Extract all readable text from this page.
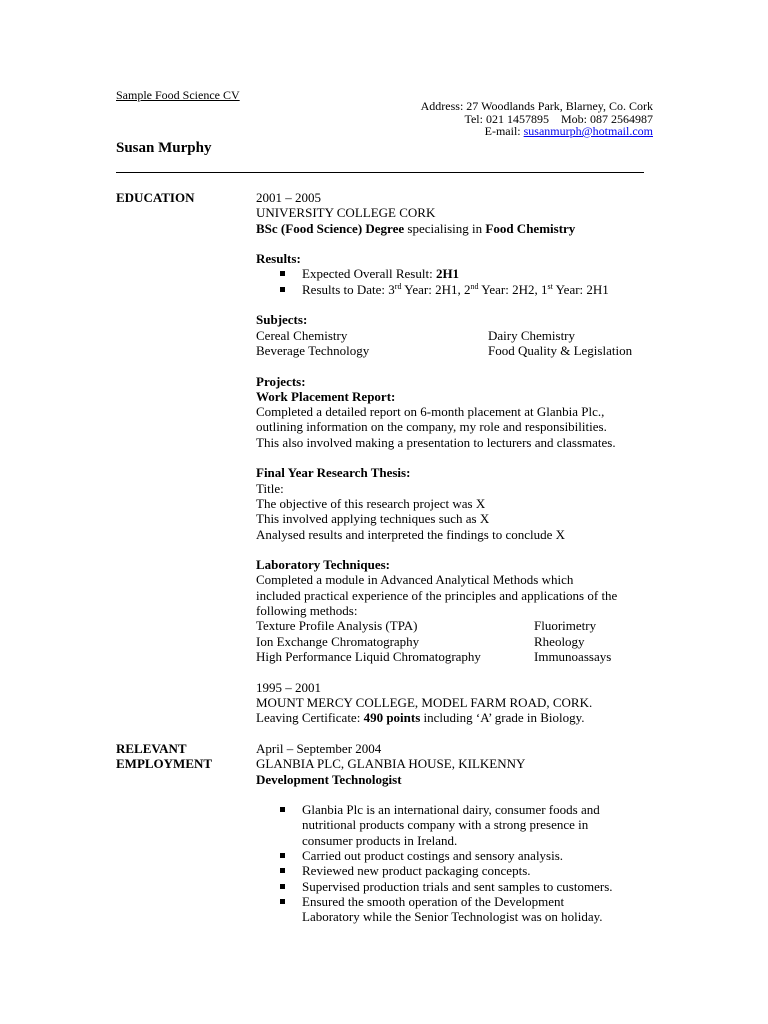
Sample Food Science CV
Address: 27 Woodlands Park, Blarney, Co. Cork
Tel: 021 1457895 Mob: 087 2564987
E-mail: susanmurph@hotmail.com
Susan Murphy
EDUCATION	2001 – 2005
UNIVERSITY COLLEGE CORK
BSc (Food Science) Degree specialising in Food Chemistry
Results:
Expected Overall Result: 2H1
Results to Date: 3rd Year: 2H1, 2nd Year: 2H2, 1st Year: 2H1
Subjects:
Cereal Chemistry	Dairy Chemistry
Beverage Technology	Food Quality & Legislation
Projects:
Work Placement Report:
Completed a detailed report on 6-month placement at Glanbia Plc.,
outlining information on the company, my role and responsibilities.
This also involved making a presentation to lecturers and classmates.
Final Year Research Thesis:
Title:
The objective of this research project was X
This involved applying techniques such as X
Analysed results and interpreted the findings to conclude X
Laboratory Techniques:
Completed a module in Advanced Analytical Methods which
included practical experience of the principles and applications of the
following methods:
Texture Profile Analysis (TPA)	Fluorimetry
Ion Exchange Chromatography	Rheology
High Performance Liquid Chromatography	Immunoassays
1995 – 2001
MOUNT MERCY COLLEGE, MODEL FARM ROAD, CORK.
Leaving Certificate: 490 points including ‘A’ grade in Biology.
RELEVANT
EMPLOYMENT
April – September 2004
GLANBIA PLC, GLANBIA HOUSE, KILKENNY
Development Technologist
Glanbia Plc is an international dairy, consumer foods and nutritional products company with a strong presence in consumer products in Ireland.
Carried out product costings and sensory analysis.
Reviewed new product packaging concepts.
Supervised production trials and sent samples to customers.
Ensured the smooth operation of the Development Laboratory while the Senior Technologist was on holiday.
